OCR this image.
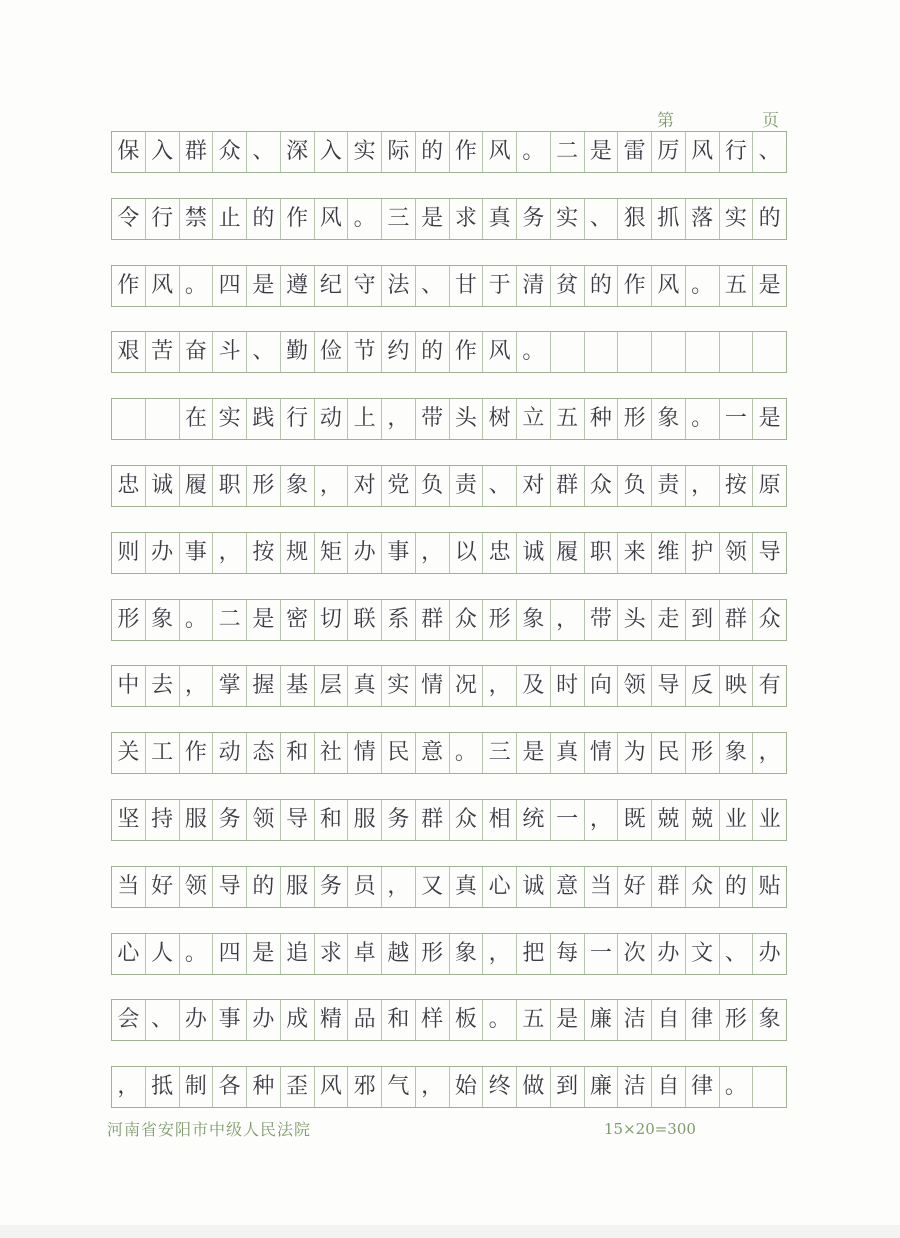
第	页
保 入 群 众 、 深 入 实 际 的 作 风 。 二 是 雷 厉 风 行 、
令 行 禁 止 的 作 风 。 三 是 求 真 务 实 、 狠 抓 落 实 的
作 风 。 四 是 遵 纪 守 法 、 甘 于 清 贫 的 作 风 。 五 是
艰 苦 奋 斗 、 勤 俭 节 约 的 作 风 。
在 实 践 行 动 上 ， 带 头 树 立 五 种 形 象 。 一 是
忠 诚 履 职 形 象 ， 对 党 负 责 、 对 群 众 负 责 ， 按 原
则 办 事 ， 按 规 矩 办 事 ， 以 忠 诚 履 职 来 维 护 领 导
形 象 。 二 是 密 切 联 系 群 众 形 象 ， 带 头 走 到 群 众
中 去 ， 掌 握 基 层 真 实 情 况 ， 及 时 向 领 导 反 映 有
关 工 作 动 态 和 社 情 民 意 。 三 是 真 情 为 民 形 象 ，
坚 持 服 务 领 导 和 服 务 群 众 相 统 一 ， 既 兢 兢 业 业
当 好 领 导 的 服 务 员 ， 又 真 心 诚 意 当 好 群 众 的 贴
心 人 。 四 是 追 求 卓 越 形 象 ， 把 每 一 次 办 文 、 办
会 、 办 事 办 成 精 品 和 样 板 。 五 是 廉 洁 自 律 形 象
， 抵 制 各 种 歪 风 邪 气 ， 始 终 做 到 廉 洁 自 律 。
河南省安阳市中级人民法院	15×20=300
